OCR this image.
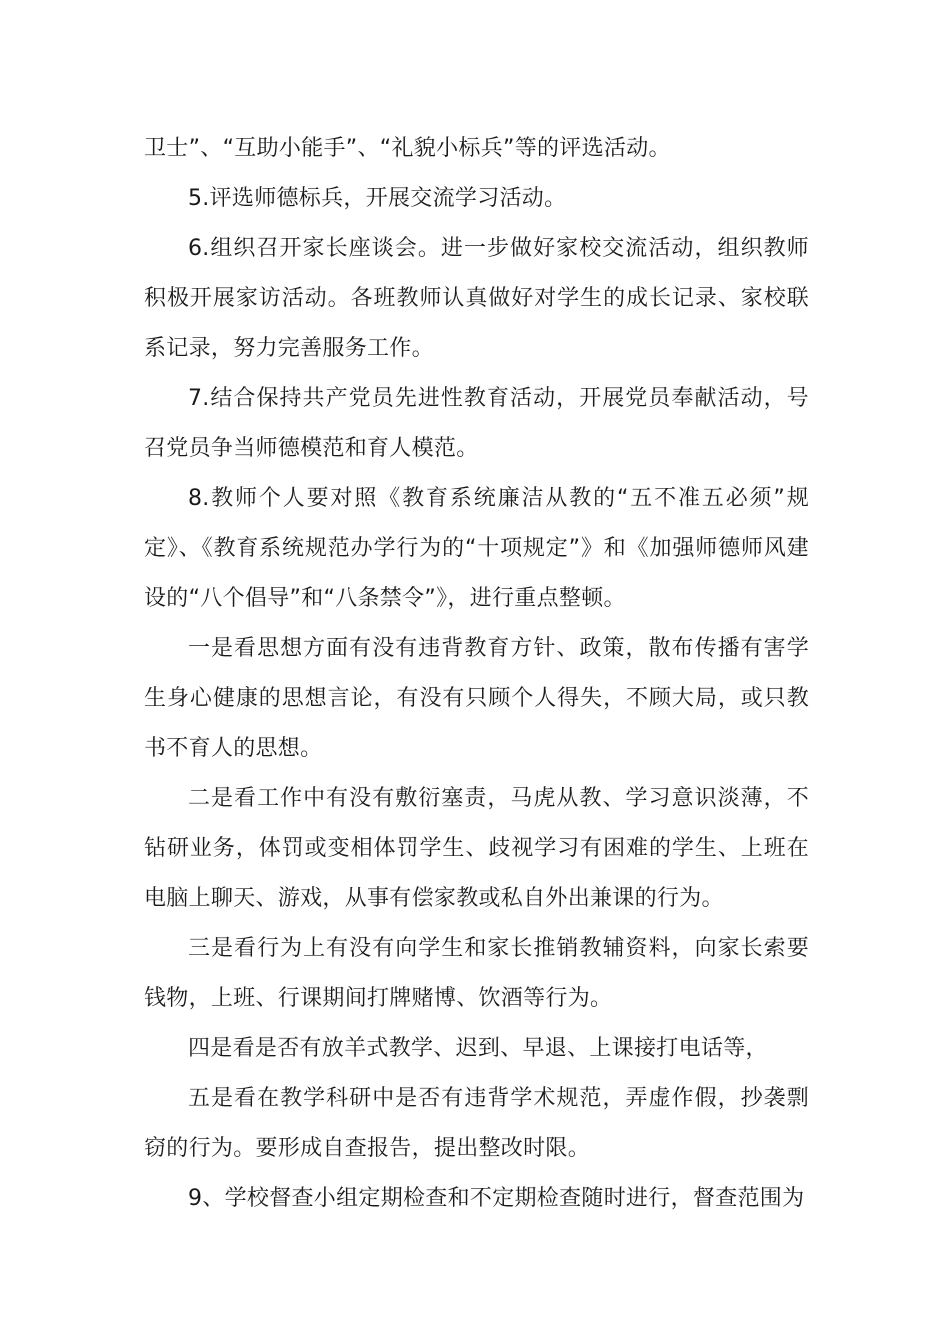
卫士”、“互助小能手”、“礼貌小标兵”等的评选活动。

5.评选师德标兵，开展交流学习活动。

6.组织召开家长座谈会。进一步做好家校交流活动，组织教师积极开展家访活动。各班教师认真做好对学生的成长记录、家校联系记录，努力完善服务工作。

7.结合保持共产党员先进性教育活动，开展党员奉献活动，号召党员争当师德模范和育人模范。

8.教师个人要对照《教育系统廉洁从教的“五不准五必须”规定》、《教育系统规范办学行为的“十项规定”》和《加强师德师风建设的“八个倡导”和“八条禁令”》，进行重点整顿。

一是看思想方面有没有违背教育方针、政策，散布传播有害学生身心健康的思想言论，有没有只顾个人得失，不顾大局，或只教书不育人的思想。

二是看工作中有没有敷衍塞责，马虎从教、学习意识淡薄，不钻研业务，体罚或变相体罚学生、歧视学习有困难的学生、上班在电脑上聊天、游戏，从事有偿家教或私自外出兼课的行为。

三是看行为上有没有向学生和家长推销教辅资料，向家长索要钱物，上班、行课期间打牌赌博、饮酒等行为。

四是看是否有放羊式教学、迟到、早退、上课接打电话等，

五是看在教学科研中是否有违背学术规范，弄虚作假，抄袭剽窃的行为。要形成自查报告，提出整改时限。

9、学校督查小组定期检查和不定期检查随时进行，督查范围为
